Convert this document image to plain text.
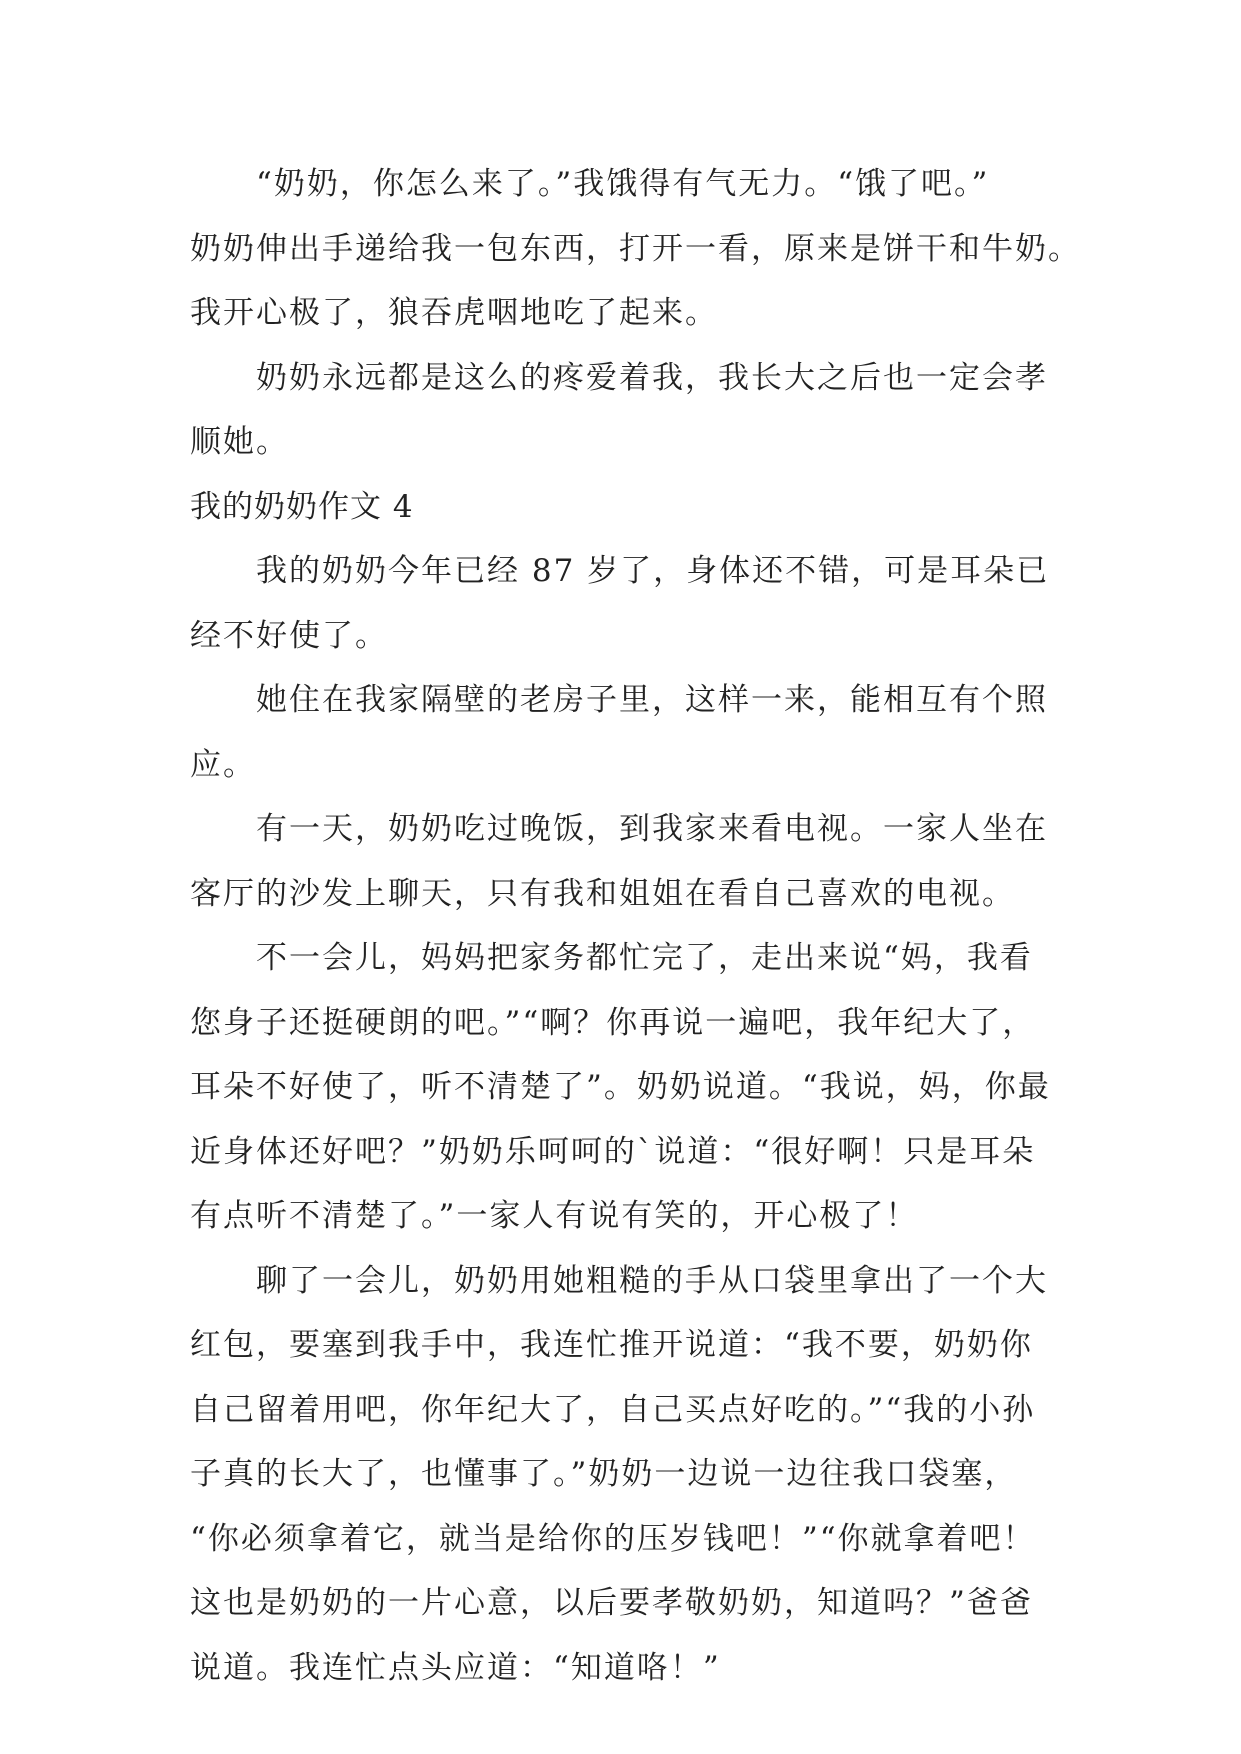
“奶奶，你怎么来了。”我饿得有气无力。“饿了吧。”
奶奶伸出手递给我一包东西，打开一看，原来是饼干和牛奶。
我开心极了，狼吞虎咽地吃了起来。
奶奶永远都是这么的疼爱着我，我长大之后也一定会孝
顺她。
我的奶奶作文 4
我的奶奶今年已经 87 岁了，身体还不错，可是耳朵已
经不好使了。
她住在我家隔壁的老房子里，这样一来，能相互有个照
应。
有一天，奶奶吃过晚饭，到我家来看电视。一家人坐在
客厅的沙发上聊天，只有我和姐姐在看自己喜欢的电视。
不一会儿，妈妈把家务都忙完了，走出来说“妈，我看
您身子还挺硬朗的吧。”“啊？你再说一遍吧，我年纪大了，
耳朵不好使了，听不清楚了”。奶奶说道。“我说，妈，你最
近身体还好吧？”奶奶乐呵呵的`说道：“很好啊！只是耳朵
有点听不清楚了。”一家人有说有笑的，开心极了！
聊了一会儿，奶奶用她粗糙的手从口袋里拿出了一个大
红包，要塞到我手中，我连忙推开说道：“我不要，奶奶你
自己留着用吧，你年纪大了，自己买点好吃的。”“我的小孙
子真的长大了，也懂事了。”奶奶一边说一边往我口袋塞，
“你必须拿着它，就当是给你的压岁钱吧！”“你就拿着吧！
这也是奶奶的一片心意，以后要孝敬奶奶，知道吗？”爸爸
说道。我连忙点头应道：“知道咯！”
